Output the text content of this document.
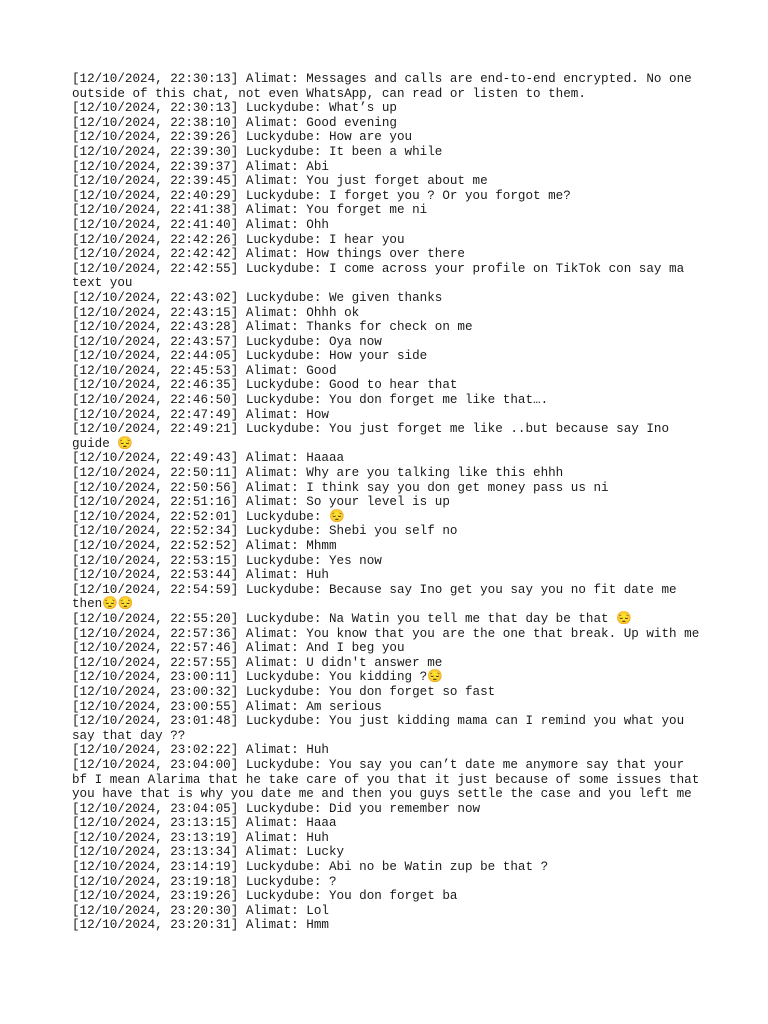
[12/10/2024, 22:30:13] Alimat: Messages and calls are end-to-end encrypted. No one outside of this chat, not even WhatsApp, can read or listen to them.
[12/10/2024, 22:30:13] Luckydube: What’s up
[12/10/2024, 22:38:10] Alimat: Good evening
[12/10/2024, 22:39:26] Luckydube: How are you
[12/10/2024, 22:39:30] Luckydube: It been a while
[12/10/2024, 22:39:37] Alimat: Abi
[12/10/2024, 22:39:45] Alimat: You just forget about me
[12/10/2024, 22:40:29] Luckydube: I forget you ? Or you forgot me?
[12/10/2024, 22:41:38] Alimat: You forget me ni
[12/10/2024, 22:41:40] Alimat: Ohh
[12/10/2024, 22:42:26] Luckydube: I hear you
[12/10/2024, 22:42:42] Alimat: How things over there
[12/10/2024, 22:42:55] Luckydube: I come across your profile on TikTok con say ma text you
[12/10/2024, 22:43:02] Luckydube: We given thanks
[12/10/2024, 22:43:15] Alimat: Ohhh ok
[12/10/2024, 22:43:28] Alimat: Thanks for check on me
[12/10/2024, 22:43:57] Luckydube: Oya now
[12/10/2024, 22:44:05] Luckydube: How your side
[12/10/2024, 22:45:53] Alimat: Good
[12/10/2024, 22:46:35] Luckydube: Good to hear that
[12/10/2024, 22:46:50] Luckydube: You don forget me like that….
[12/10/2024, 22:47:49] Alimat: How
[12/10/2024, 22:49:21] Luckydube: You just forget me like ..but because say Ino guide 😔
[12/10/2024, 22:49:43] Alimat: Haaaa
[12/10/2024, 22:50:11] Alimat: Why are you talking like this ehhh
[12/10/2024, 22:50:56] Alimat: I think say you don get money pass us ni
[12/10/2024, 22:51:16] Alimat: So your level is up
[12/10/2024, 22:52:01] Luckydube: 😔
[12/10/2024, 22:52:34] Luckydube: Shebi you self no
[12/10/2024, 22:52:52] Alimat: Mhmm
[12/10/2024, 22:53:15] Luckydube: Yes now
[12/10/2024, 22:53:44] Alimat: Huh
[12/10/2024, 22:54:59] Luckydube: Because say Ino get you say you no fit date me then😔😔
[12/10/2024, 22:55:20] Luckydube: Na Watin you tell me that day be that 😔
[12/10/2024, 22:57:36] Alimat: You know that you are the one that break. Up with me
[12/10/2024, 22:57:46] Alimat: And I beg you
[12/10/2024, 22:57:55] Alimat: U didn't answer me
[12/10/2024, 23:00:11] Luckydube: You kidding ?😔
[12/10/2024, 23:00:32] Luckydube: You don forget so fast
[12/10/2024, 23:00:55] Alimat: Am serious
[12/10/2024, 23:01:48] Luckydube: You just kidding mama can I remind you what you say that day ??
[12/10/2024, 23:02:22] Alimat: Huh
[12/10/2024, 23:04:00] Luckydube: You say you can’t date me anymore say that your bf I mean Alarima that he take care of you that it just because of some issues that you have that is why you date me and then you guys settle the case and you left me
[12/10/2024, 23:04:05] Luckydube: Did you remember now
[12/10/2024, 23:13:15] Alimat: Haaa
[12/10/2024, 23:13:19] Alimat: Huh
[12/10/2024, 23:13:34] Alimat: Lucky
[12/10/2024, 23:14:19] Luckydube: Abi no be Watin zup be that ?
[12/10/2024, 23:19:18] Luckydube: ?
[12/10/2024, 23:19:26] Luckydube: You don forget ba
[12/10/2024, 23:20:30] Alimat: Lol
[12/10/2024, 23:20:31] Alimat: Hmm
